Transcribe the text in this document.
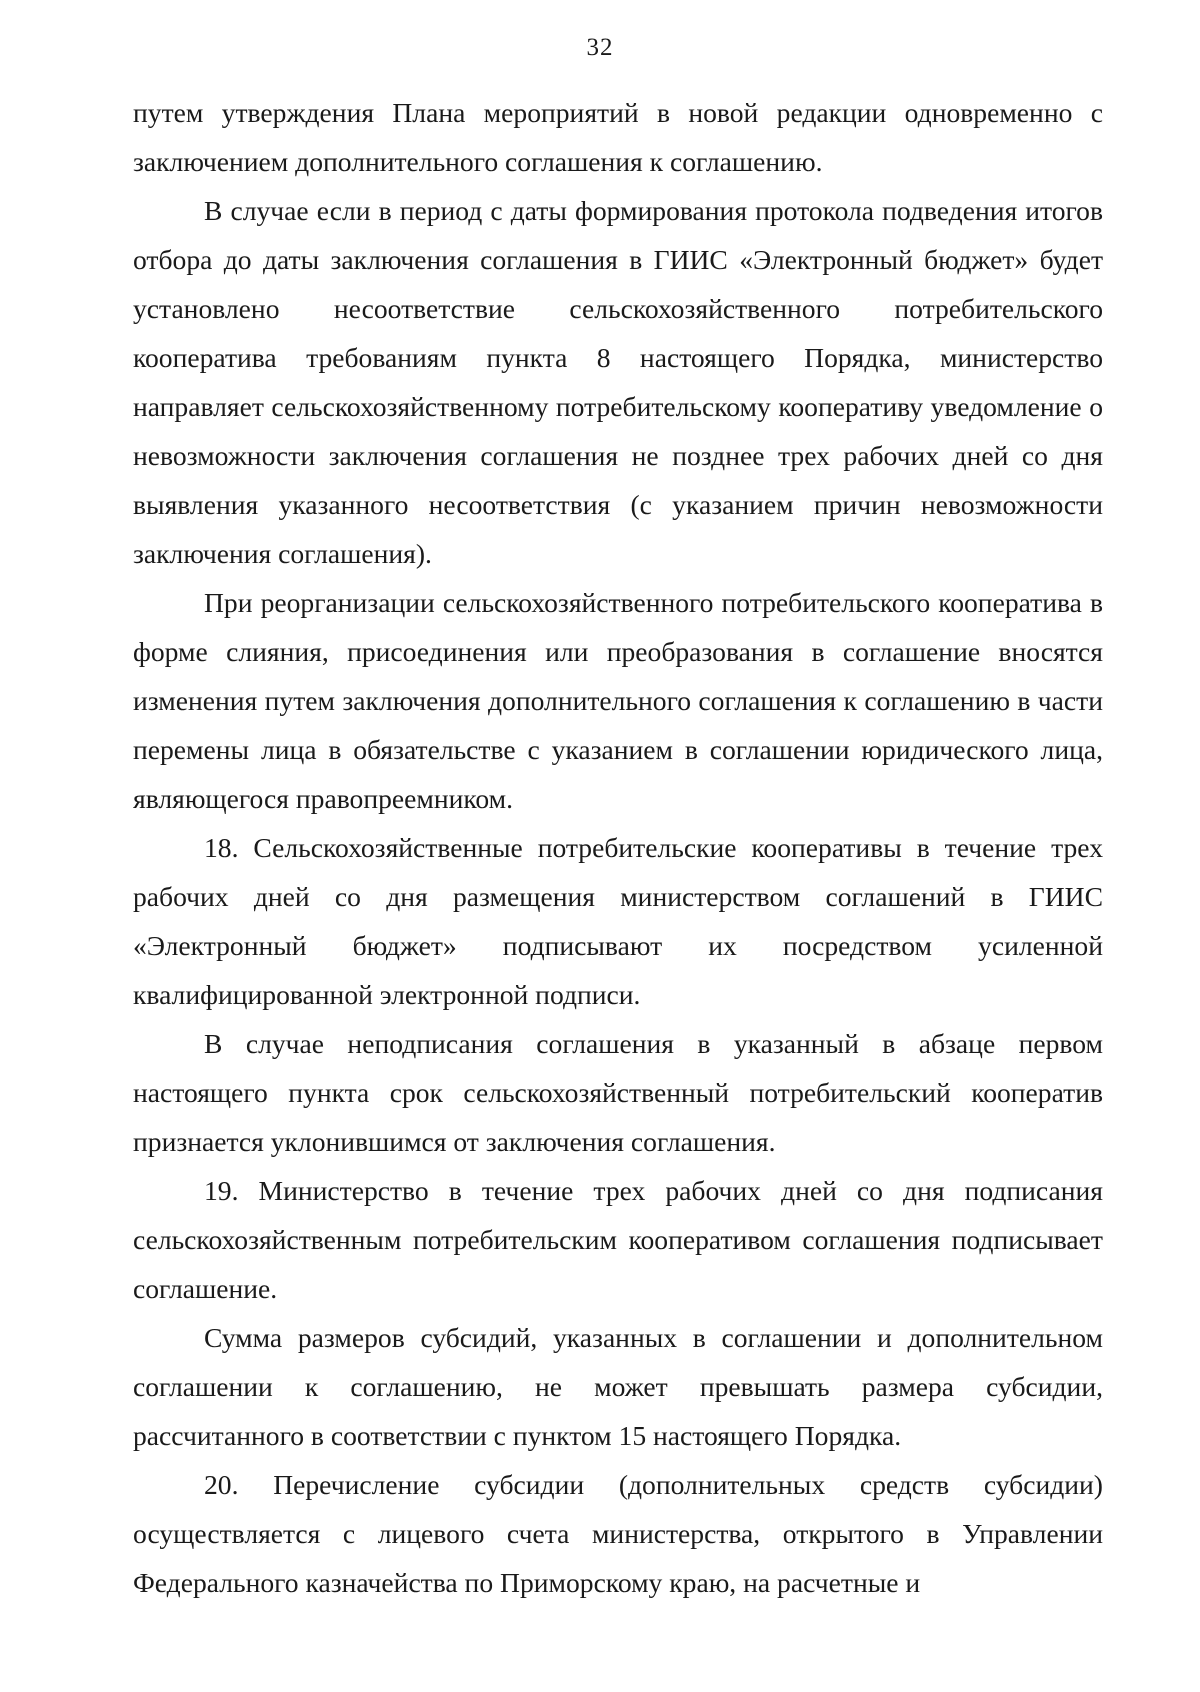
32

путем утверждения Плана мероприятий в новой редакции одновременно с заключением дополнительного соглашения к соглашению.

В случае если в период с даты формирования протокола подведения итогов отбора до даты заключения соглашения в ГИИС «Электронный бюджет» будет установлено несоответствие сельскохозяйственного потребительского кооператива требованиям пункта 8 настоящего Порядка, министерство направляет сельскохозяйственному потребительскому кооперативу уведомление о невозможности заключения соглашения не позднее трех рабочих дней со дня выявления указанного несоответствия (с указанием причин невозможности заключения соглашения).

При реорганизации сельскохозяйственного потребительского кооператива в форме слияния, присоединения или преобразования в соглашение вносятся изменения путем заключения дополнительного соглашения к соглашению в части перемены лица в обязательстве с указанием в соглашении юридического лица, являющегося правопреемником.

18. Сельскохозяйственные потребительские кооперативы в течение трех рабочих дней со дня размещения министерством соглашений в ГИИС «Электронный бюджет» подписывают их посредством усиленной квалифицированной электронной подписи.

В случае неподписания соглашения в указанный в абзаце первом настоящего пункта срок сельскохозяйственный потребительский кооператив признается уклонившимся от заключения соглашения.

19. Министерство в течение трех рабочих дней со дня подписания сельскохозяйственным потребительским кооперативом соглашения подписывает соглашение.

Сумма размеров субсидий, указанных в соглашении и дополнительном соглашении к соглашению, не может превышать размера субсидии, рассчитанного в соответствии с пунктом 15 настоящего Порядка.

20. Перечисление субсидии (дополнительных средств субсидии) осуществляется с лицевого счета министерства, открытого в Управлении Федерального казначейства по Приморскому краю, на расчетные и
